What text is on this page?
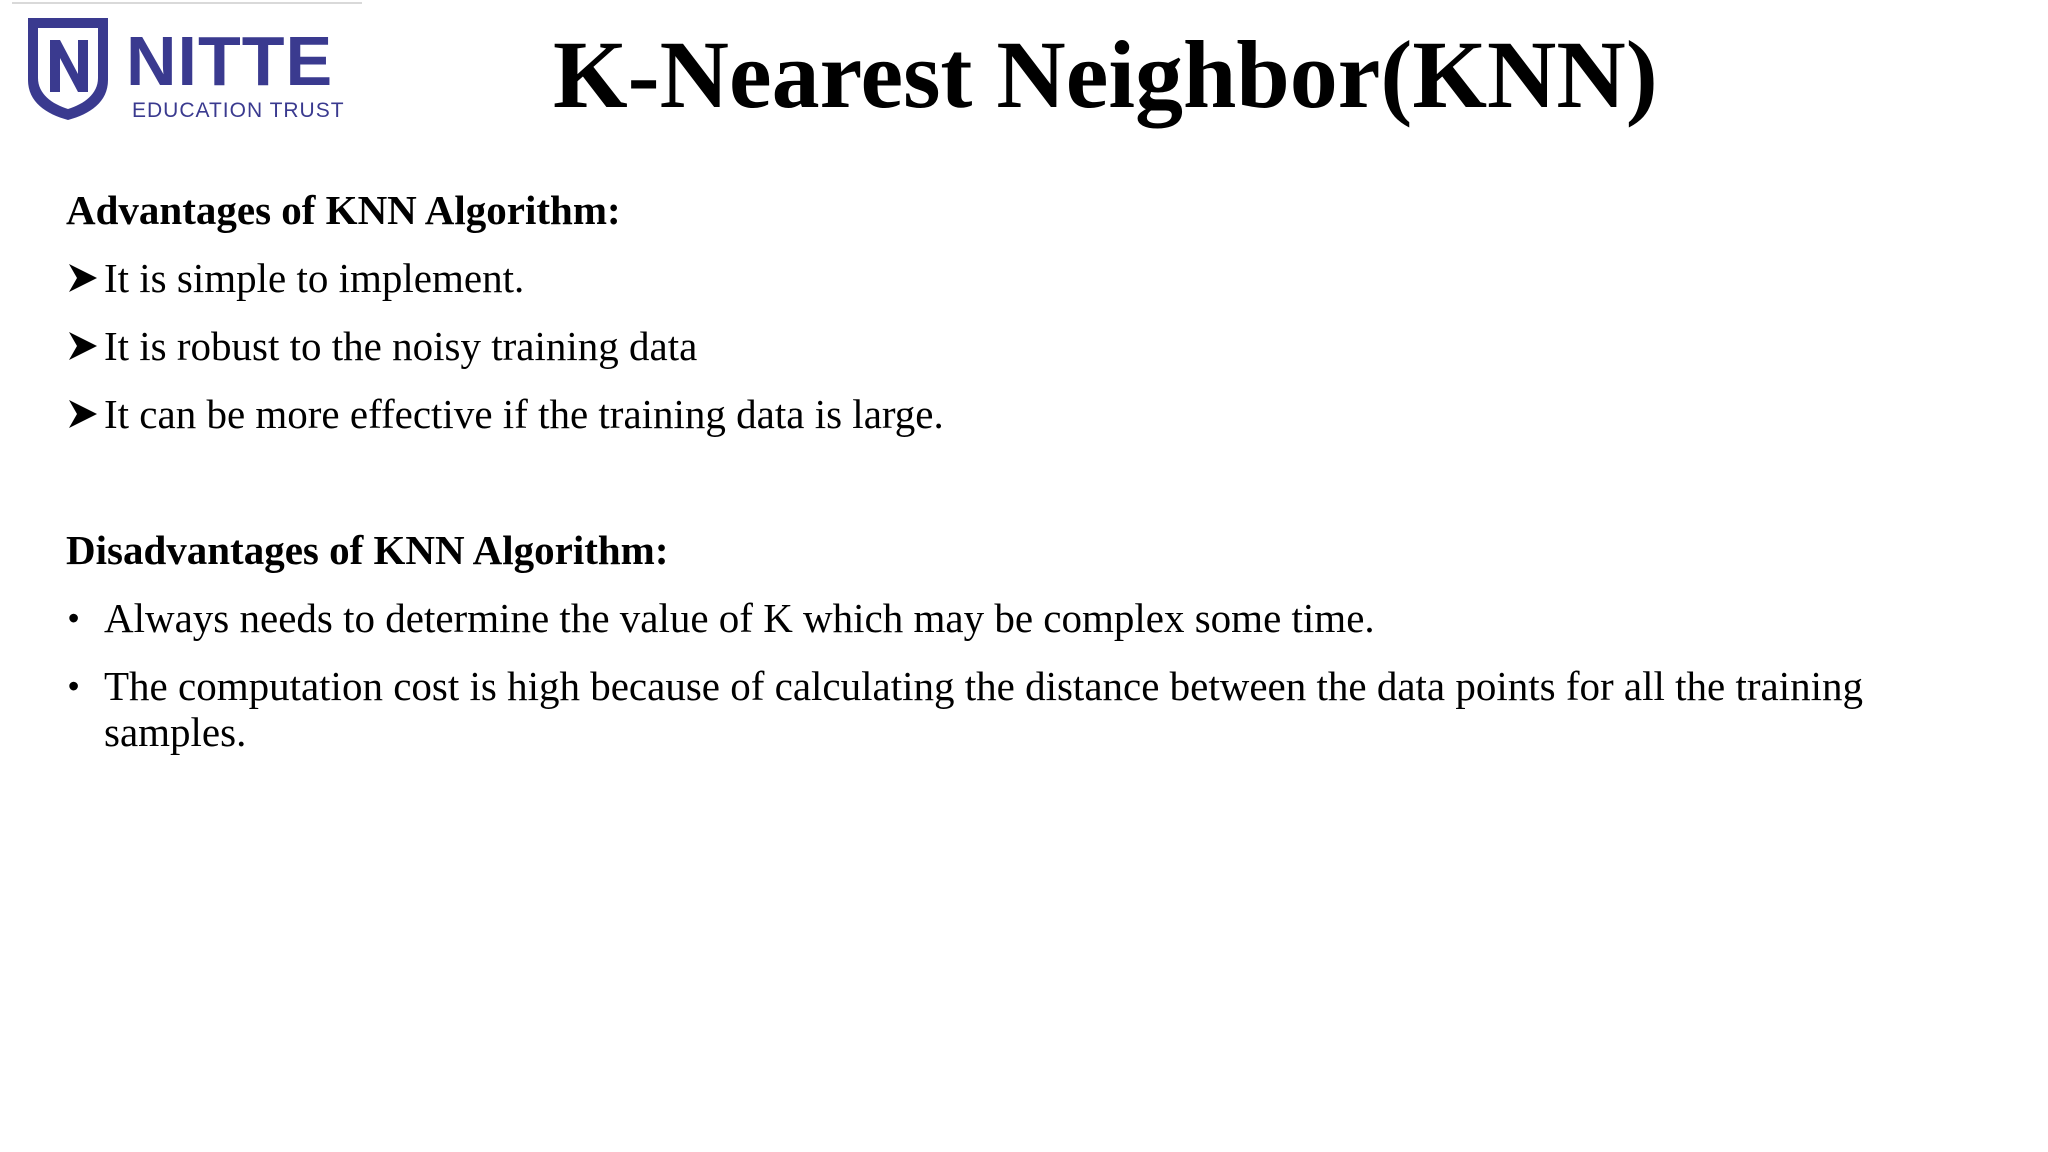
NITTE
EDUCATION TRUST K-Nearest Neighbor(KNN)
Advantages of KNN Algorithm:
It is simple to implement.
It is robust to the noisy training data
It can be more effective if the training data is large.
Disadvantages of KNN Algorithm:
• Always needs to determine the value of K which may be complex some time.
• The computation cost is high because of calculating the distance between the data points for all the training samples.
